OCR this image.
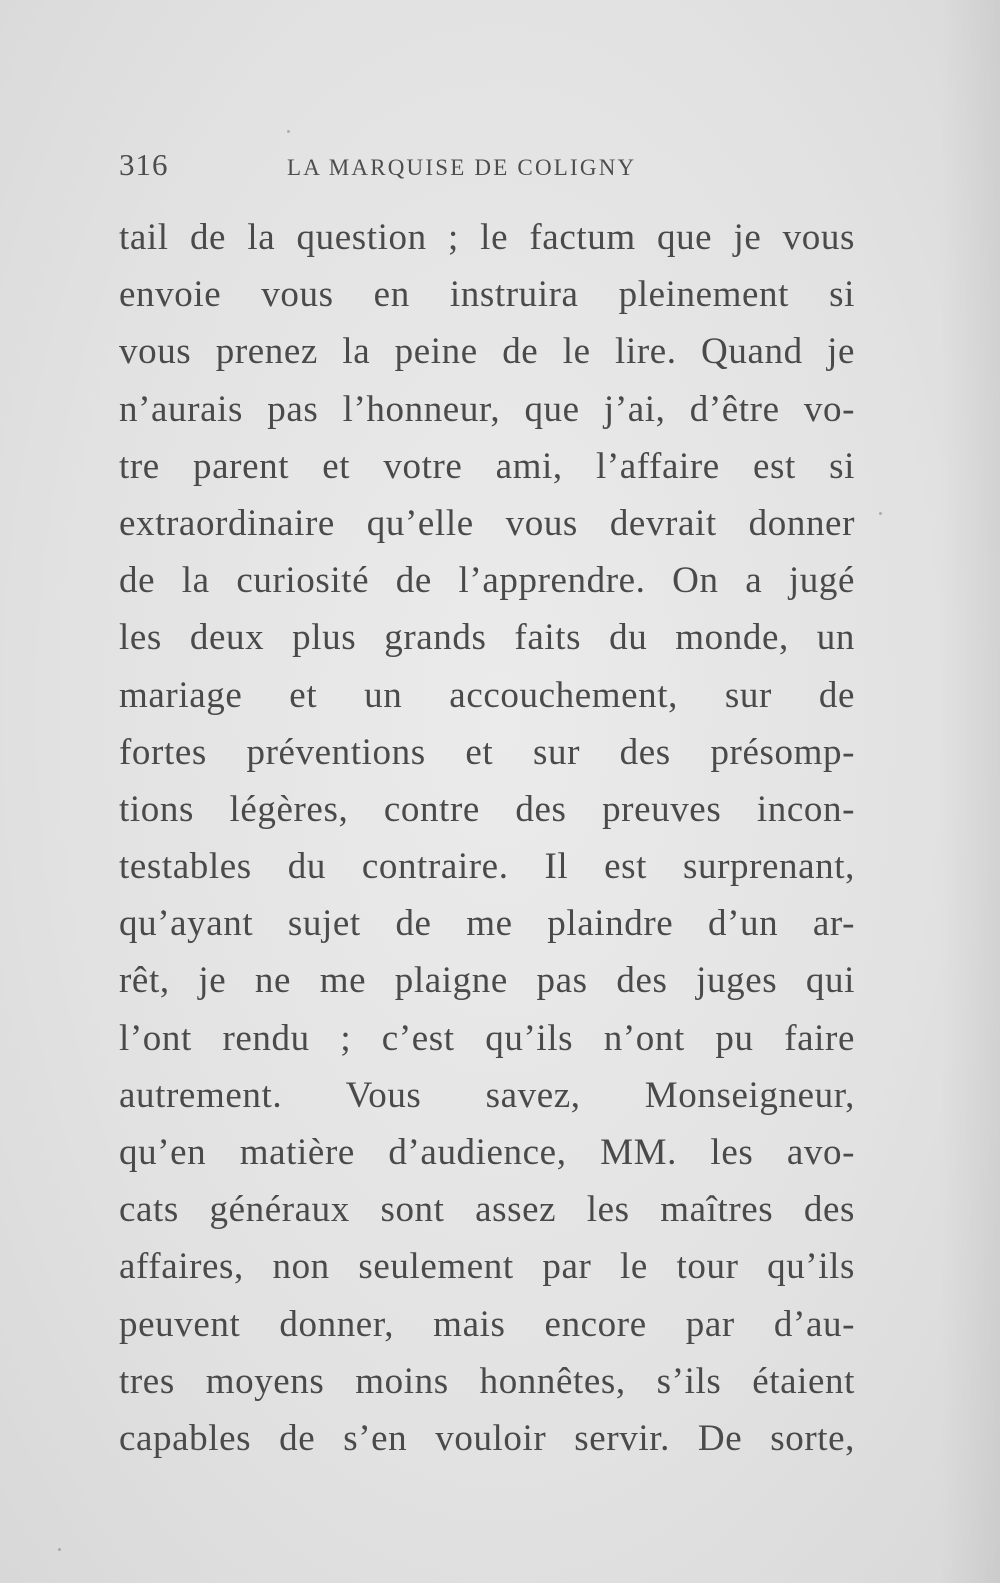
316	LA MARQUISE DE COLIGNY
tail de la question ; le factum que je vous
envoie vous en instruira pleinement si
vous prenez la peine de le lire. Quand je
n’aurais pas l’honneur, que j’ai, d’être vo-
tre parent et votre ami, l’affaire est si
extraordinaire qu’elle vous devrait donner
de la curiosité de l’apprendre. On a jugé
les deux plus grands faits du monde, un
mariage et un accouchement, sur de
fortes préventions et sur des présomp-
tions légères, contre des preuves incon-
testables du contraire. Il est surprenant,
qu’ayant sujet de me plaindre d’un ar-
rêt, je ne me plaigne pas des juges qui
l’ont rendu ; c’est qu’ils n’ont pu faire
autrement. Vous savez, Monseigneur,
qu’en matière d’audience, MM. les avo-
cats généraux sont assez les maîtres des
affaires, non seulement par le tour qu’ils
peuvent donner, mais encore par d’au-
tres moyens moins honnêtes, s’ils étaient
capables de s’en vouloir servir. De sorte,
